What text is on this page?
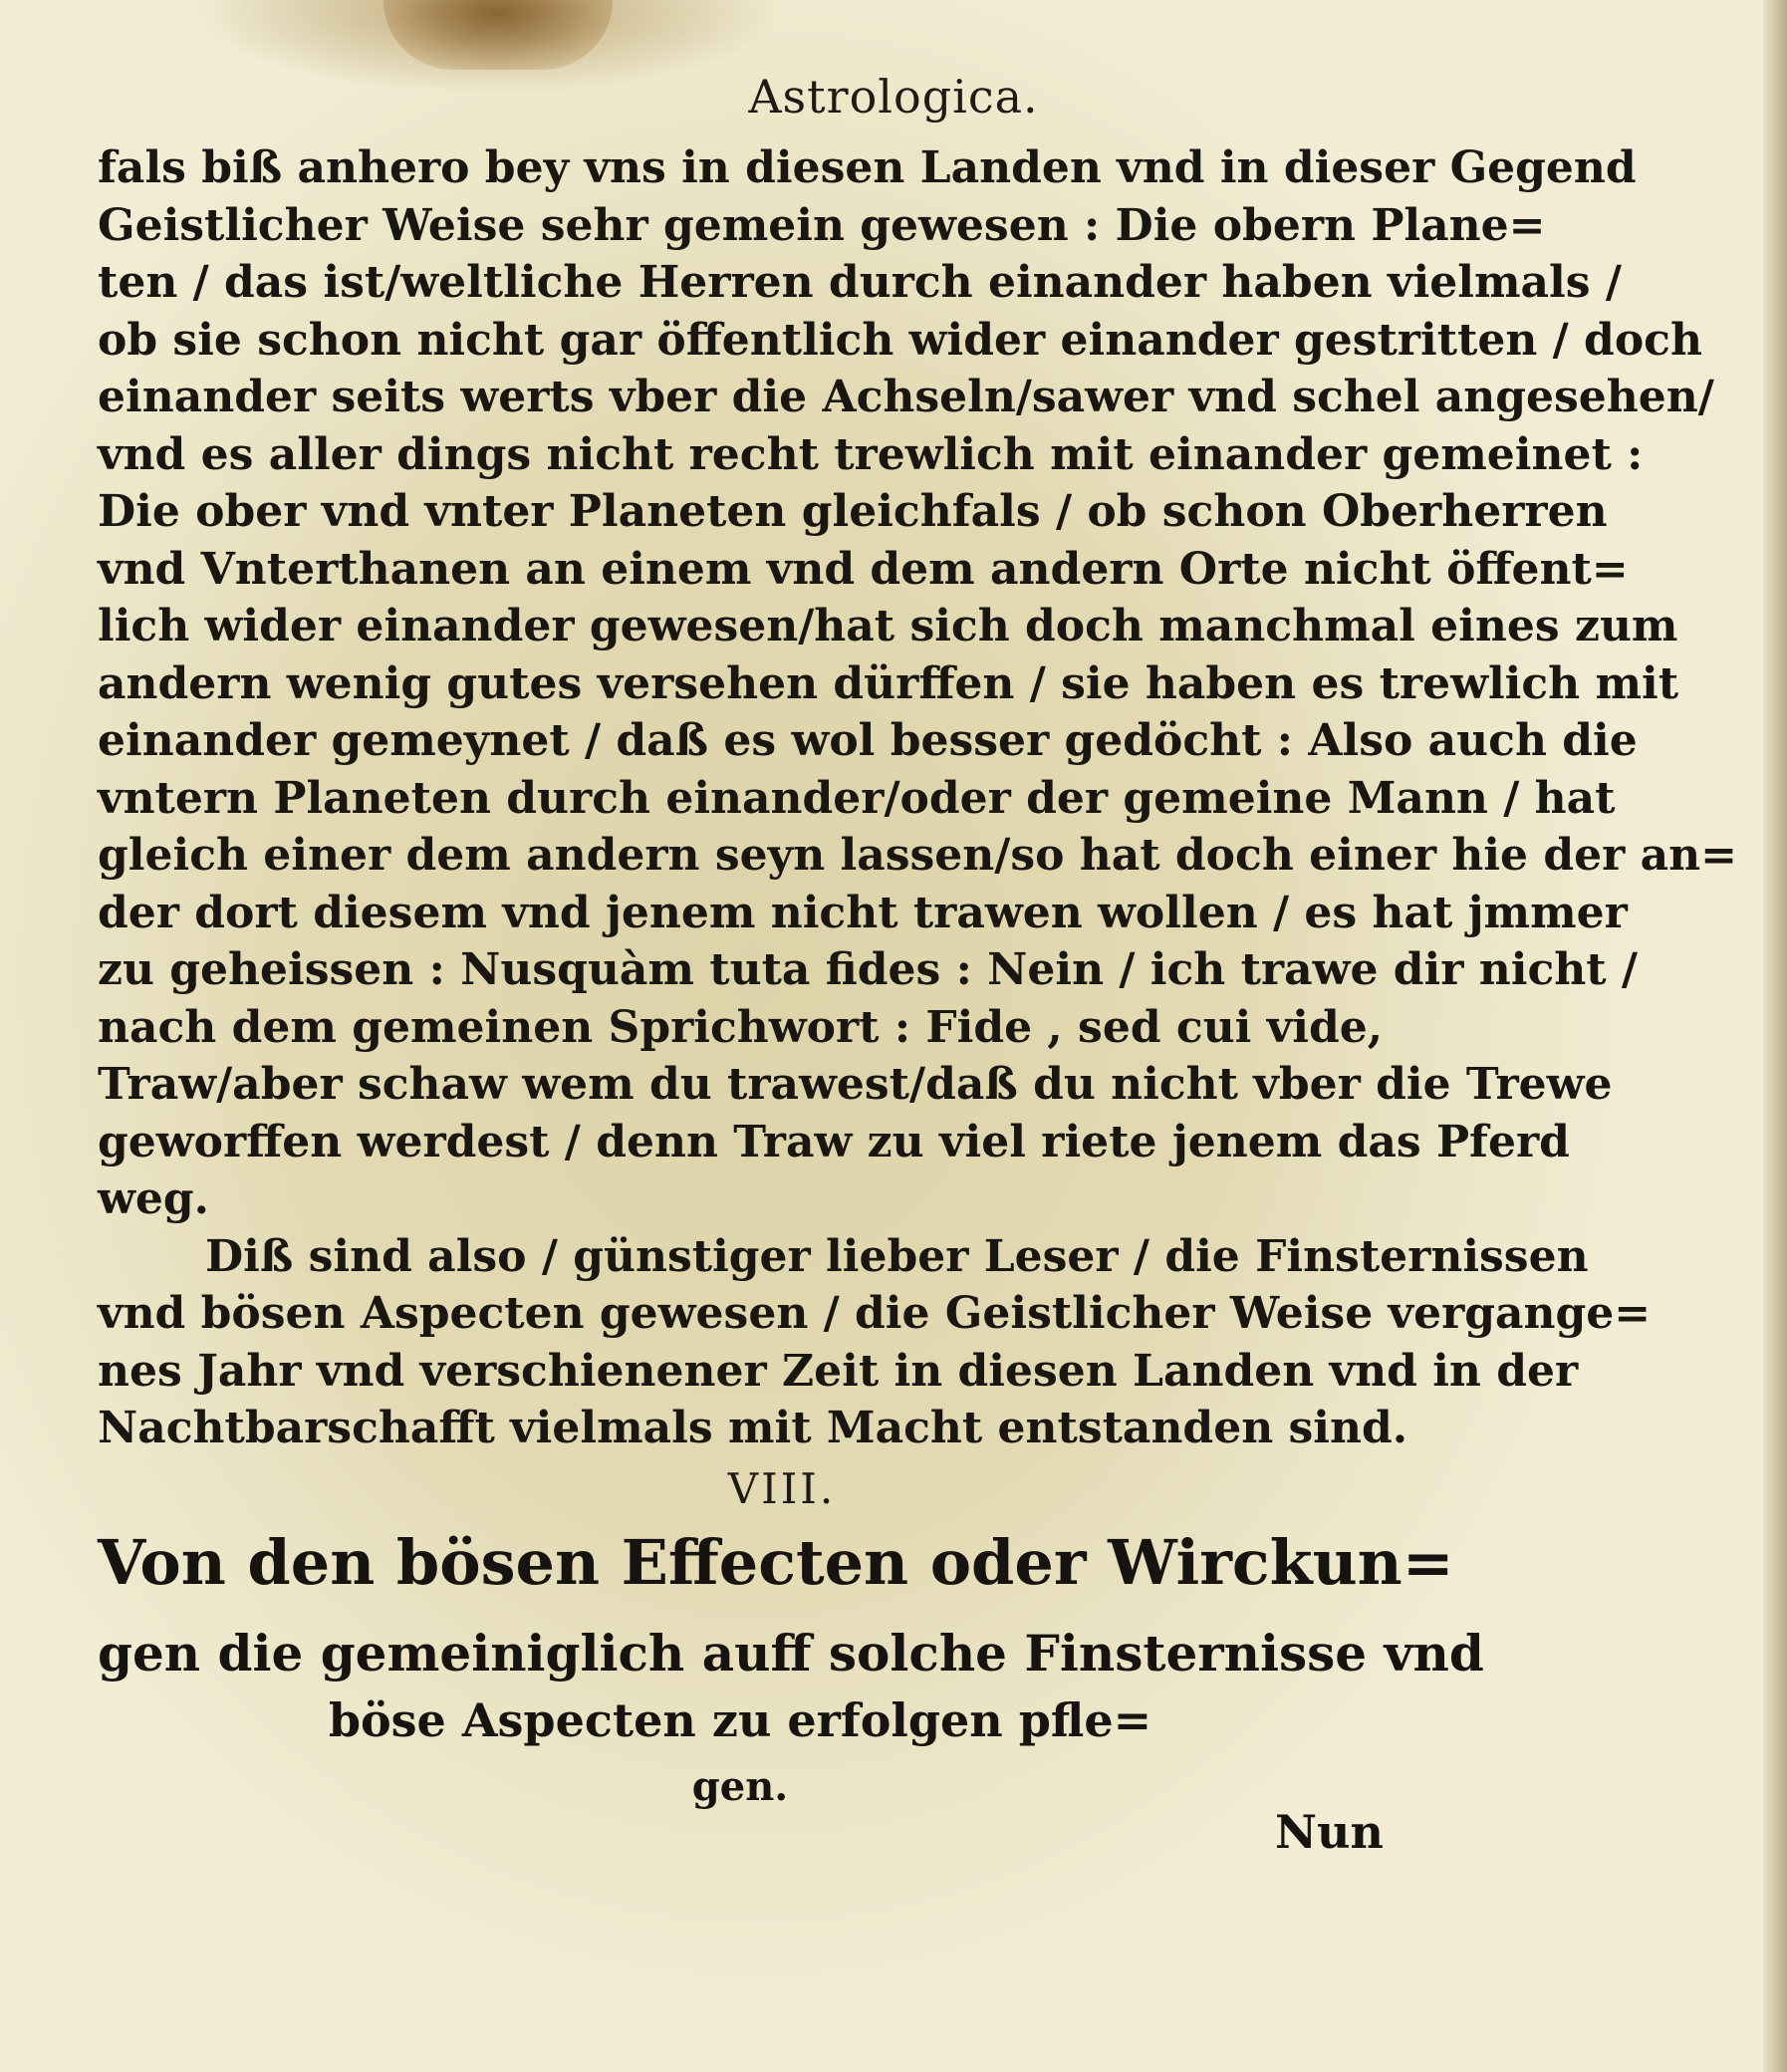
Astrologica.
fals biß anhero bey vns in diesen Landen vnd in dieser Gegend
Geistlicher Weise sehr gemein gewesen : Die obern Plane=
ten / das ist/weltliche Herren durch einander haben vielmals /
ob sie schon nicht gar öffentlich wider einander gestritten / doch
einander seits werts vber die Achseln/sawer vnd schel angesehen/
vnd es aller dings nicht recht trewlich mit einander gemeinet :
Die ober vnd vnter Planeten gleichfals / ob schon Oberherren
vnd Vnterthanen an einem vnd dem andern Orte nicht öffent=
lich wider einander gewesen/hat sich doch manchmal eines zum
andern wenig gutes versehen dürffen / sie haben es trewlich mit
einander gemeynet / daß es wol besser gedöcht : Also auch die
vntern Planeten durch einander/oder der gemeine Mann / hat
gleich einer dem andern seyn lassen/so hat doch einer hie der an=
der dort diesem vnd jenem nicht trawen wollen / es hat jmmer
zu geheissen : Nusquàm tuta fides : Nein / ich trawe dir nicht /
nach dem gemeinen Sprichwort : Fide , sed cui vide,
Traw/aber schaw wem du trawest/daß du nicht vber die Trewe
geworffen werdest / denn Traw zu viel riete jenem das Pferd
weg.
Diß sind also / günstiger lieber Leser / die Finsternissen
vnd bösen Aspecten gewesen / die Geistlicher Weise vergange=
nes Jahr vnd verschienener Zeit in diesen Landen vnd in der
Nachtbarschafft vielmals mit Macht entstanden sind.
VIII.
Von den bösen Effecten oder Wirckun=
gen die gemeiniglich auff solche Finsternisse vnd
böse Aspecten zu erfolgen pfle=
gen.
Nun
